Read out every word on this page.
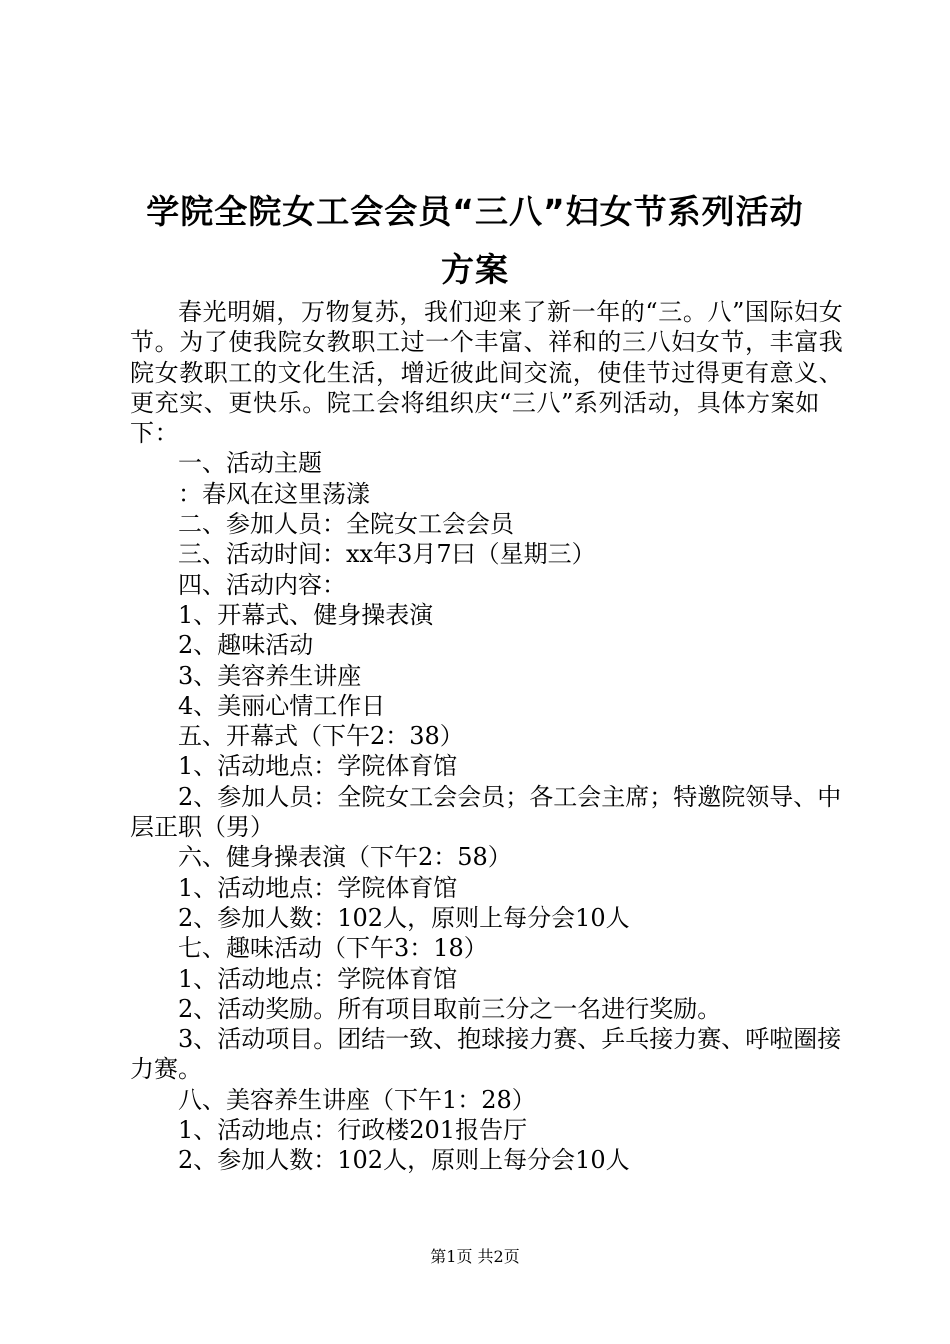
学院全院女工会会员“三八”妇女节系列活动
方案

春光明媚，万物复苏，我们迎来了新一年的“三。八”国际妇女节。为了使我院女教职工过一个丰富、祥和的三八妇女节，丰富我院女教职工的文化生活，增近彼此间交流，使佳节过得更有意义、更充实、更快乐。院工会将组织庆“三八”系列活动，具体方案如下：

一、活动主题

：春风在这里荡漾

二、参加人员：全院女工会会员

三、活动时间：xx年3月7曰（星期三）

四、活动内容：

1、开幕式、健身操表演

2、趣味活动

3、美容养生讲座

4、美丽心情工作日

五、开幕式（下午2：38）

1、活动地点：学院体育馆

2、参加人员：全院女工会会员；各工会主席；特邀院领导、中层正职（男）

六、健身操表演（下午2：58）

1、活动地点：学院体育馆

2、参加人数：102人，原则上每分会10人

七、趣味活动（下午3：18）

1、活动地点：学院体育馆

2、活动奖励。所有项目取前三分之一名进行奖励。

3、活动项目。团结一致、抱球接力赛、乒乓接力赛、呼啦圈接力赛。

八、美容养生讲座（下午1：28）

1、活动地点：行政楼201报告厅

2、参加人数：102人，原则上每分会10人

第1页 共2页
